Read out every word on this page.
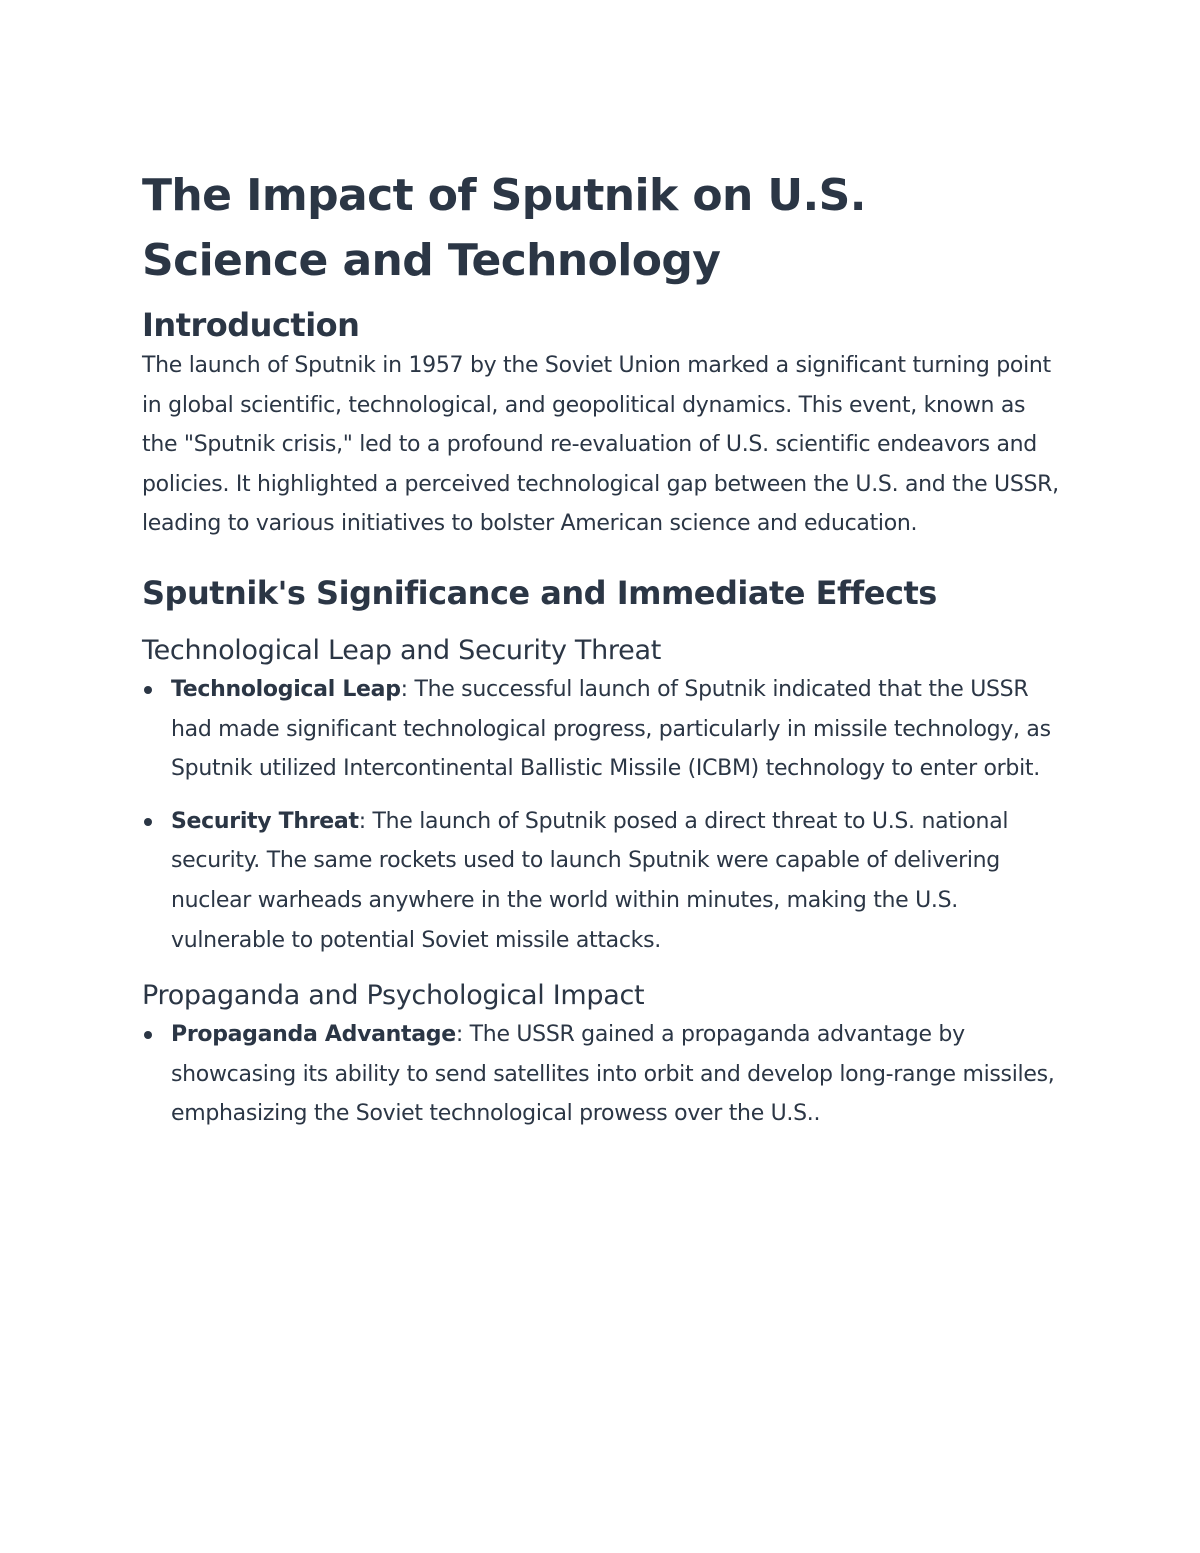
The Impact of Sputnik on U.S. Science and Technology
Introduction

The launch of Sputnik in 1957 by the Soviet Union marked a significant turning point in global scientific, technological, and geopolitical dynamics. This event, known as the "Sputnik crisis," led to a profound re-evaluation of U.S. scientific endeavors and policies. It highlighted a perceived technological gap between the U.S. and the USSR, leading to various initiatives to bolster American science and education.

Sputnik's Significance and Immediate Effects
Technological Leap and Security Threat
Technological Leap: The successful launch of Sputnik indicated that the USSR had made significant technological progress, particularly in missile technology, as Sputnik utilized Intercontinental Ballistic Missile (ICBM) technology to enter orbit.
Security Threat: The launch of Sputnik posed a direct threat to U.S. national security. The same rockets used to launch Sputnik were capable of delivering nuclear warheads anywhere in the world within minutes, making the U.S. vulnerable to potential Soviet missile attacks.
Propaganda and Psychological Impact
Propaganda Advantage: The USSR gained a propaganda advantage by showcasing its ability to send satellites into orbit and develop long-range missiles, emphasizing the Soviet technological prowess over the U.S..
